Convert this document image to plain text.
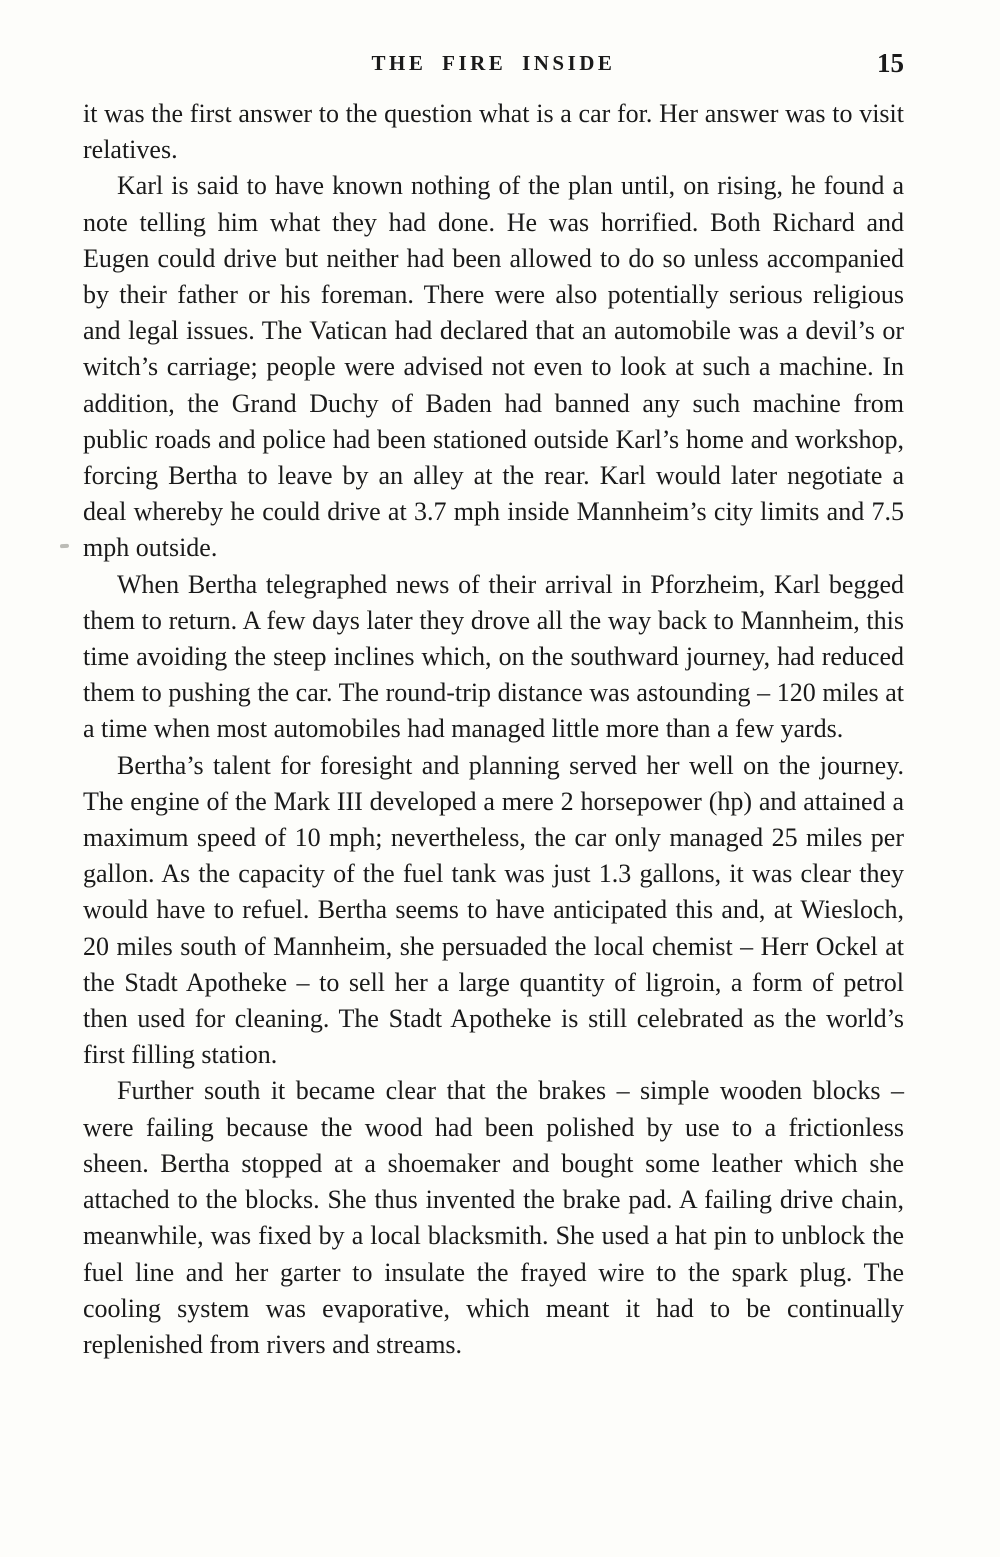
THE FIRE INSIDE	15

it was the first answer to the question what is a car for. Her answer was to visit relatives.

Karl is said to have known nothing of the plan until, on rising, he found a note telling him what they had done. He was horrified. Both Richard and Eugen could drive but neither had been allowed to do so unless accompanied by their father or his foreman. There were also potentially serious religious and legal issues. The Vatican had declared that an automobile was a devil’s or witch’s carriage; people were advised not even to look at such a machine. In addition, the Grand Duchy of Baden had banned any such machine from public roads and police had been stationed outside Karl’s home and workshop, forcing Bertha to leave by an alley at the rear. Karl would later negotiate a deal whereby he could drive at 3.7 mph inside Mannheim’s city limits and 7.5 mph outside.

When Bertha telegraphed news of their arrival in Pforzheim, Karl begged them to return. A few days later they drove all the way back to Mannheim, this time avoiding the steep inclines which, on the southward journey, had reduced them to pushing the car. The round-trip distance was astounding – 120 miles at a time when most automobiles had managed little more than a few yards.

Bertha’s talent for foresight and planning served her well on the journey. The engine of the Mark III developed a mere 2 horsepower (hp) and attained a maximum speed of 10 mph; nevertheless, the car only managed 25 miles per gallon. As the capacity of the fuel tank was just 1.3 gallons, it was clear they would have to refuel. Bertha seems to have anticipated this and, at Wiesloch, 20 miles south of Mannheim, she persuaded the local chemist – Herr Ockel at the Stadt Apotheke – to sell her a large quantity of ligroin, a form of petrol then used for cleaning. The Stadt Apotheke is still celebrated as the world’s first filling station.

Further south it became clear that the brakes – simple wooden blocks – were failing because the wood had been polished by use to a frictionless sheen. Bertha stopped at a shoemaker and bought some leather which she attached to the blocks. She thus invented the brake pad. A failing drive chain, meanwhile, was fixed by a local blacksmith. She used a hat pin to unblock the fuel line and her garter to insulate the frayed wire to the spark plug. The cooling system was evaporative, which meant it had to be continually replenished from rivers and streams.
